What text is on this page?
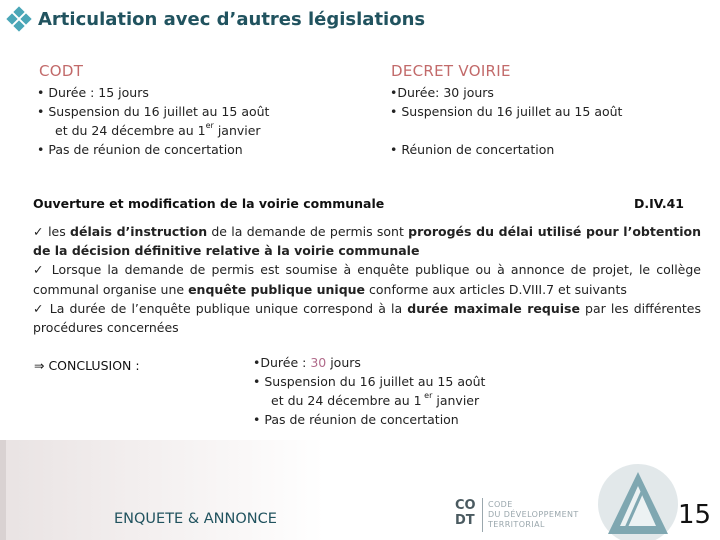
Articulation avec d’autres législations
CODT
• Durée : 15 jours
• Suspension du 16 juillet au 15 août
et du 24 décembre au 1er janvier
• Pas de réunion de concertation
DECRET VOIRIE
•Durée: 30 jours
• Suspension du 16 juillet au 15 août
• Réunion de concertation
Ouverture et modification de la voirie communale	D.IV.41

✓ les délais d’instruction de la demande de permis sont prorogés du délai utilisé pour l’obtention de la décision définitive relative à la voirie communale

✓ Lorsque la demande de permis est soumise à enquête publique ou à annonce de projet, le collège communal organise une enquête publique unique conforme aux articles D.VIII.7 et suivants

✓ La durée de l’enquête publique unique correspond à la durée maximale requise par les différentes procédures concernées

⇒ CONCLUSION :	•Durée : 30 jours
• Suspension du 16 juillet au 15 août
et du 24 décembre au 1 $^{er}$ janvier
• Pas de réunion de concertation
ENQUETE & ANNONCE
CO
DT
CODE
DU DÉVELOPPEMENT
TERRITORIAL	15
